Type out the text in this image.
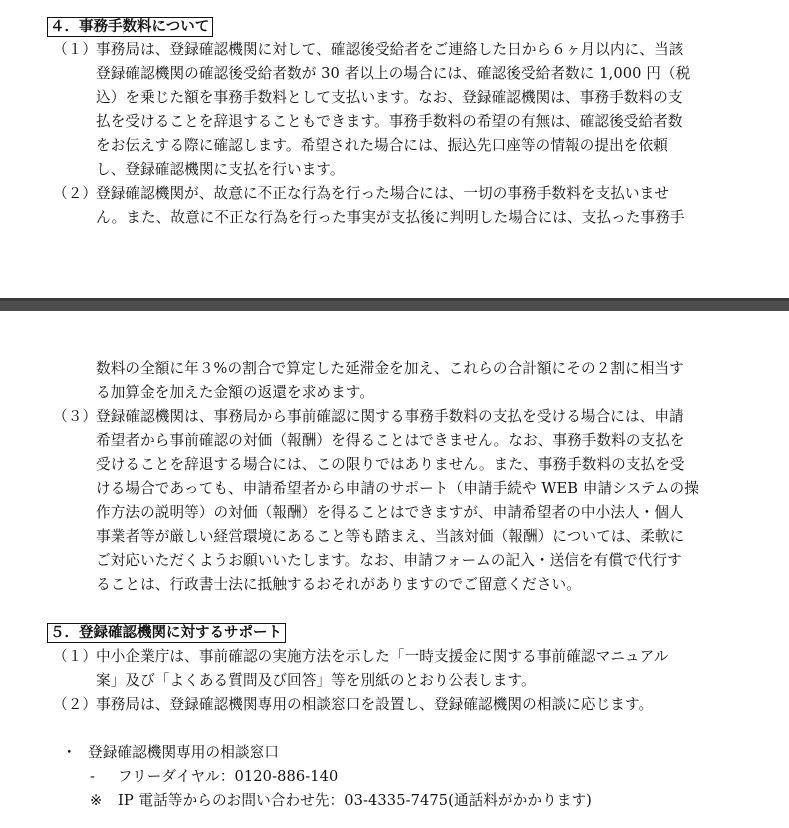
４．事務手数料について
（１）
事務局は、登録確認機関に対して、確認後受給者をご連絡した日から６ヶ月以内に、当該
登録確認機関の確認後受給者数が 30 者以上の場合には、確認後受給者数に 1,000 円（税
込）を乗じた額を事務手数料として支払います。なお、登録確認機関は、事務手数料の支
払を受けることを辞退することもできます。事務手数料の希望の有無は、確認後受給者数
をお伝えする際に確認します。希望された場合には、振込先口座等の情報の提出を依頼
し、登録確認機関に支払を行います。
（２）
登録確認機関が、故意に不正な行為を行った場合には、一切の事務手数料を支払いませ
ん。また、故意に不正な行為を行った事実が支払後に判明した場合には、支払った事務手
数料の全額に年３%の割合で算定した延滞金を加え、これらの合計額にその２割に相当す
る加算金を加えた金額の返還を求めます。
（３）
登録確認機関は、事務局から事前確認に関する事務手数料の支払を受ける場合には、申請
希望者から事前確認の対価（報酬）を得ることはできません。なお、事務手数料の支払を
受けることを辞退する場合には、この限りではありません。また、事務手数料の支払を受
ける場合であっても、申請希望者から申請のサポート（申請手続や WEB 申請システムの操
作方法の説明等）の対価（報酬）を得ることはできますが、申請希望者の中小法人・個人
事業者等が厳しい経営環境にあること等も踏まえ、当該対価（報酬）については、柔軟に
ご対応いただくようお願いいたします。なお、申請フォームの記入・送信を有償で代行す
ることは、行政書士法に抵触するおそれがありますのでご留意ください。
５．登録確認機関に対するサポート
（１）
中小企業庁は、事前確認の実施方法を示した「一時支援金に関する事前確認マニュアル
案」及び「よくある質問及び回答」等を別紙のとおり公表します。
（２）
事務局は、登録確認機関専用の相談窓口を設置し、登録確認機関の相談に応じます。
・ 登録確認機関専用の相談窓口
- フリーダイヤル：0120-886-140
※ IP 電話等からのお問い合わせ先：03-4335-7475(通話料がかかります)
